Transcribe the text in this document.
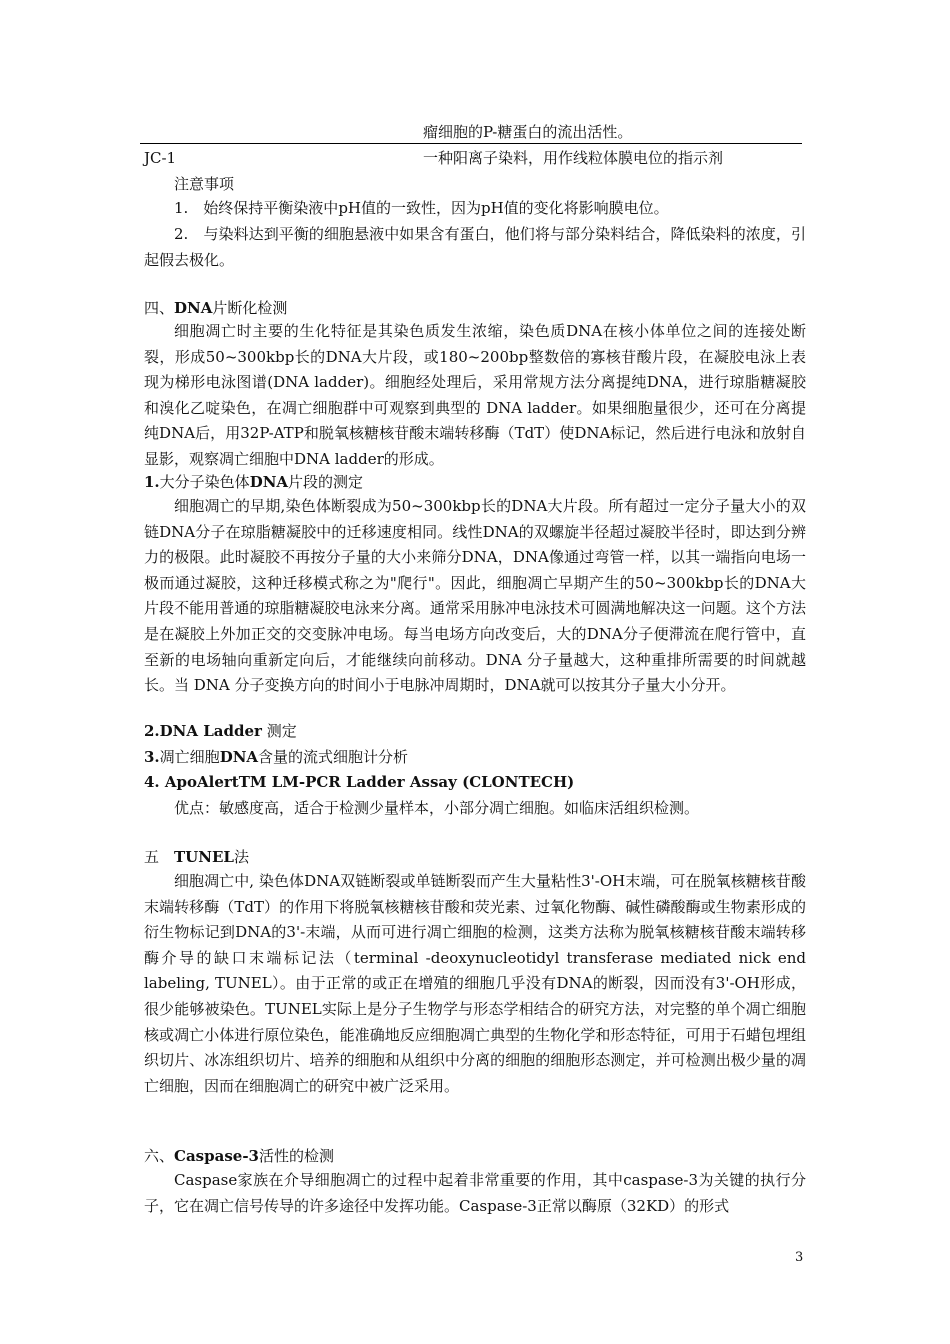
瘤细胞的P-糖蛋白的流出活性。
JC-1	一种阳离子染料，用作线粒体膜电位的指示剂
注意事项
1.　始终保持平衡染液中pH值的一致性，因为pH值的变化将影响膜电位。
2.　与染料达到平衡的细胞悬液中如果含有蛋白，他们将与部分染料结合，降低染料的浓度，引起假去极化。
四、DNA片断化检测
细胞凋亡时主要的生化特征是其染色质发生浓缩，染色质DNA在核小体单位之间的连接处断裂，形成50~300kbp长的DNA大片段，或180~200bp整数倍的寡核苷酸片段，在凝胶电泳上表现为梯形电泳图谱(DNA ladder)。细胞经处理后，采用常规方法分离提纯DNA，进行琼脂糖凝胶和溴化乙啶染色，在凋亡细胞群中可观察到典型的 DNA ladder。如果细胞量很少，还可在分离提纯DNA后，用32P-ATP和脱氧核糖核苷酸末端转移酶（TdT）使DNA标记，然后进行电泳和放射自显影，观察凋亡细胞中DNA ladder的形成。
1.大分子染色体DNA片段的测定
细胞凋亡的早期,染色体断裂成为50~300kbp长的DNA大片段。所有超过一定分子量大小的双链DNA分子在琼脂糖凝胶中的迁移速度相同。线性DNA的双螺旋半径超过凝胶半径时，即达到分辨力的极限。此时凝胶不再按分子量的大小来筛分DNA，DNA像通过弯管一样，以其一端指向电场一极而通过凝胶，这种迁移模式称之为"爬行"。因此，细胞凋亡早期产生的50~300kbp长的DNA大片段不能用普通的琼脂糖凝胶电泳来分离。通常采用脉冲电泳技术可圆满地解决这一问题。这个方法是在凝胶上外加正交的交变脉冲电场。每当电场方向改变后，大的DNA分子便滞流在爬行管中，直至新的电场轴向重新定向后，才能继续向前移动。DNA 分子量越大，这种重排所需要的时间就越长。当 DNA 分子变换方向的时间小于电脉冲周期时，DNA就可以按其分子量大小分开。
2.DNA Ladder 测定
3.凋亡细胞DNA含量的流式细胞计分析
4. ApoAlertTM LM-PCR Ladder Assay (CLONTECH)
优点：敏感度高，适合于检测少量样本，小部分凋亡细胞。如临床活组织检测。
五　TUNEL法
细胞凋亡中, 染色体DNA双链断裂或单链断裂而产生大量粘性3'-OH末端，可在脱氧核糖核苷酸末端转移酶（TdT）的作用下将脱氧核糖核苷酸和荧光素、过氧化物酶、碱性磷酸酶或生物素形成的衍生物标记到DNA的3'-末端，从而可进行凋亡细胞的检测，这类方法称为脱氧核糖核苷酸末端转移酶介导的缺口末端标记法（terminal -deoxynucleotidyl transferase mediated nick end labeling, TUNEL）。由于正常的或正在增殖的细胞几乎没有DNA的断裂，因而没有3'-OH形成，很少能够被染色。TUNEL实际上是分子生物学与形态学相结合的研究方法，对完整的单个凋亡细胞核或凋亡小体进行原位染色，能准确地反应细胞凋亡典型的生物化学和形态特征，可用于石蜡包埋组织切片、冰冻组织切片、培养的细胞和从组织中分离的细胞的细胞形态测定，并可检测出极少量的凋亡细胞，因而在细胞凋亡的研究中被广泛采用。
六、Caspase-3活性的检测
Caspase家族在介导细胞凋亡的过程中起着非常重要的作用，其中caspase-3为关键的执行分子，它在凋亡信号传导的许多途径中发挥功能。Caspase-3正常以酶原（32KD）的形式
3
